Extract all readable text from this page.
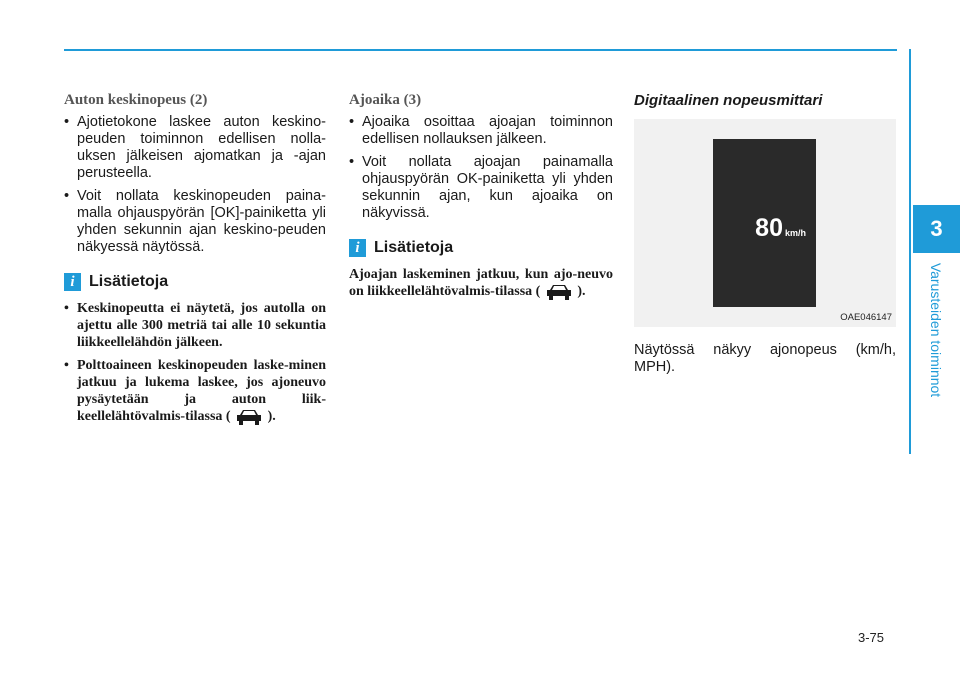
3
Varusteiden toiminnot
Auton keskinopeus (2)
• Ajotietokone laskee auton keskino-peuden toiminnon edellisen nolla-uksen jälkeisen ajomatkan ja -ajan perusteella.
• Voit nollata keskinopeuden paina-malla ohjauspyörän [OK]-painiketta yli yhden sekunnin ajan keskino-peuden näkyessä näytössä.
i Lisätietoja
• Keskinopeutta ei näytetä, jos autolla on ajettu alle 300 metriä tai alle 10 sekuntia liikkeellelähdön jälkeen.
• Polttoaineen keskinopeuden laske-minen jatkuu ja lukema laskee, jos ajoneuvo pysäytetään ja auton liik-keellelähtövalmis-tilassa (	).
Ajoaika (3)
• Ajoaika osoittaa ajoajan toiminnon edellisen nollauksen jälkeen.
• Voit nollata ajoajan painamalla ohjauspyörän OK-painiketta yli yhden sekunnin ajan, kun ajoaika on näkyvissä.
i Lisätietoja

Ajoajan laskeminen jatkuu, kun ajo-neuvo on liikkeellelähtövalmis-tilassa (	).

Digitaalinen nopeusmittari
80 km/h
OAE046147

Näytössä näkyy ajonopeus (km/h, MPH).

3-75
